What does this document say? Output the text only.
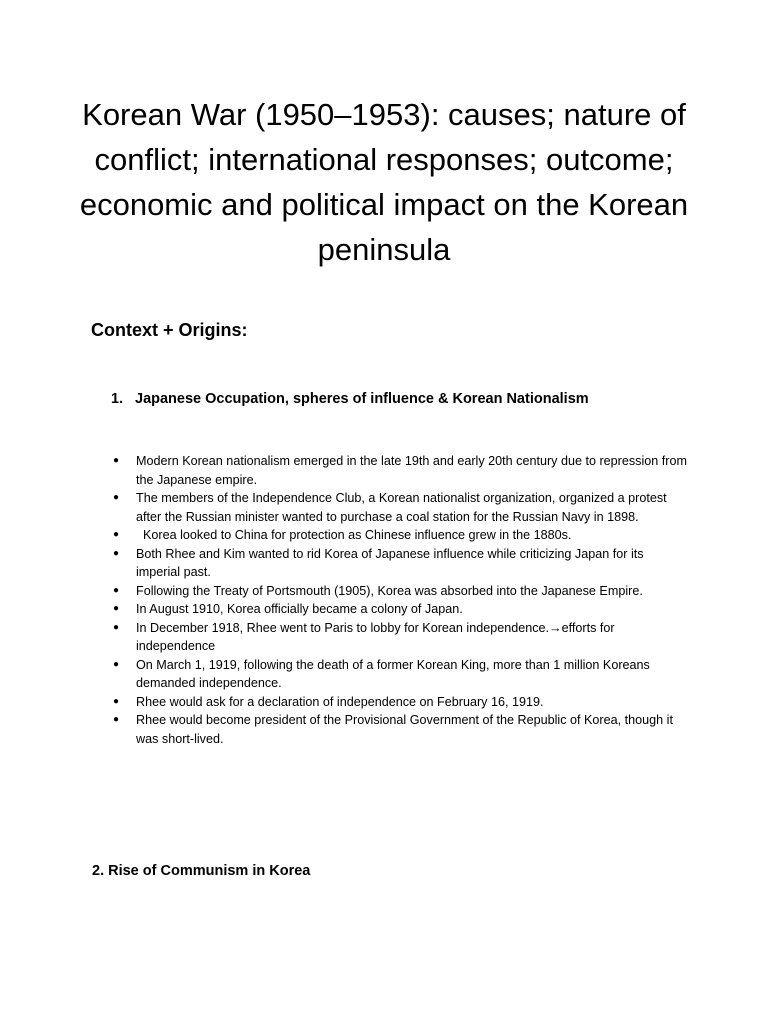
Korean War (1950–1953): causes; nature of conflict; international responses; outcome; economic and political impact on the Korean peninsula
Context + Origins:
1. Japanese Occupation, spheres of influence & Korean Nationalism
● Modern Korean nationalism emerged in the late 19th and early 20th century due to repression from the Japanese empire.
● The members of the Independence Club, a Korean nationalist organization, organized a protest after the Russian minister wanted to purchase a coal station for the Russian Navy in 1898.
● Korea looked to China for protection as Chinese influence grew in the 1880s.
● Both Rhee and Kim wanted to rid Korea of Japanese influence while criticizing Japan for its imperial past.
● Following the Treaty of Portsmouth (1905), Korea was absorbed into the Japanese Empire.
● In August 1910, Korea officially became a colony of Japan.
● In December 1918, Rhee went to Paris to lobby for Korean independence.→efforts for independence
● On March 1, 1919, following the death of a former Korean King, more than 1 million Koreans demanded independence.
● Rhee would ask for a declaration of independence on February 16, 1919.
● Rhee would become president of the Provisional Government of the Republic of Korea, though it was short-lived.
2. Rise of Communism in Korea
